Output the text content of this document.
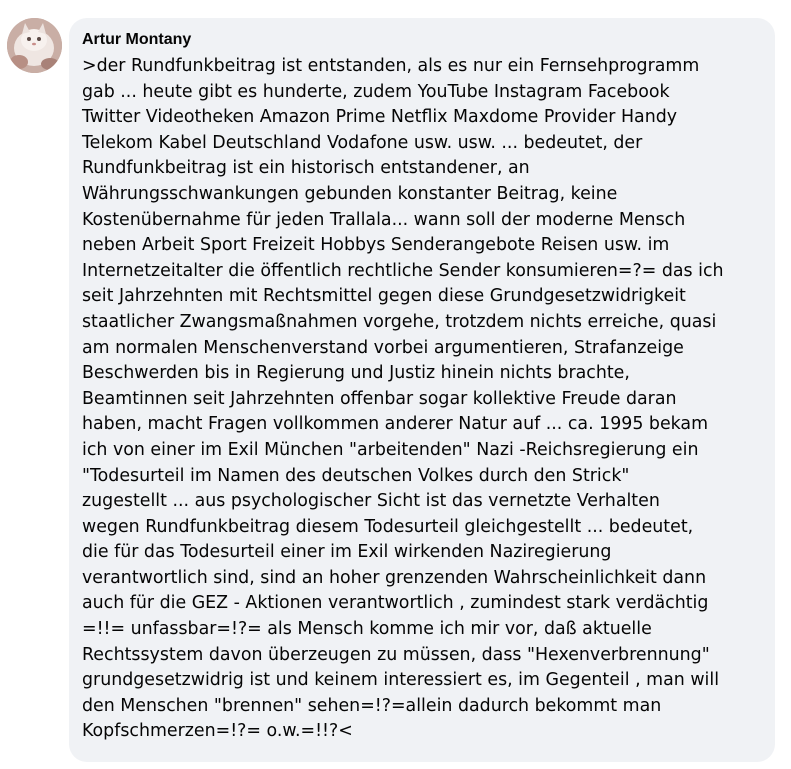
Artur Montany
>der Rundfunkbeitrag ist entstanden, als es nur ein Fernsehprogramm
gab ... heute gibt es hunderte, zudem YouTube Instagram Facebook
Twitter Videotheken Amazon Prime Netflix Maxdome Provider Handy
Telekom Kabel Deutschland Vodafone usw. usw. ... bedeutet, der
Rundfunkbeitrag ist ein historisch entstandener, an
Währungsschwankungen gebunden konstanter Beitrag, keine
Kostenübernahme für jeden Trallala... wann soll der moderne Mensch
neben Arbeit Sport Freizeit Hobbys Senderangebote Reisen usw. im
Internetzeitalter die öffentlich rechtliche Sender konsumieren=?= das ich
seit Jahrzehnten mit Rechtsmittel gegen diese Grundgesetzwidrigkeit
staatlicher Zwangsmaßnahmen vorgehe, trotzdem nichts erreiche, quasi
am normalen Menschenverstand vorbei argumentieren, Strafanzeige
Beschwerden bis in Regierung und Justiz hinein nichts brachte,
Beamtinnen seit Jahrzehnten offenbar sogar kollektive Freude daran
haben, macht Fragen vollkommen anderer Natur auf ... ca. 1995 bekam
ich von einer im Exil München "arbeitenden" Nazi -Reichsregierung ein
"Todesurteil im Namen des deutschen Volkes durch den Strick"
zugestellt ... aus psychologischer Sicht ist das vernetzte Verhalten
wegen Rundfunkbeitrag diesem Todesurteil gleichgestellt ... bedeutet,
die für das Todesurteil einer im Exil wirkenden Naziregierung
verantwortlich sind, sind an hoher grenzenden Wahrscheinlichkeit dann
auch für die GEZ - Aktionen verantwortlich , zumindest stark verdächtig
=!!= unfassbar=!?= als Mensch komme ich mir vor, daß aktuelle
Rechtssystem davon überzeugen zu müssen, dass "Hexenverbrennung"
grundgesetzwidrig ist und keinem interessiert es, im Gegenteil , man will
den Menschen "brennen" sehen=!?=allein dadurch bekommt man
Kopfschmerzen=!?= o.w.=!!?<
